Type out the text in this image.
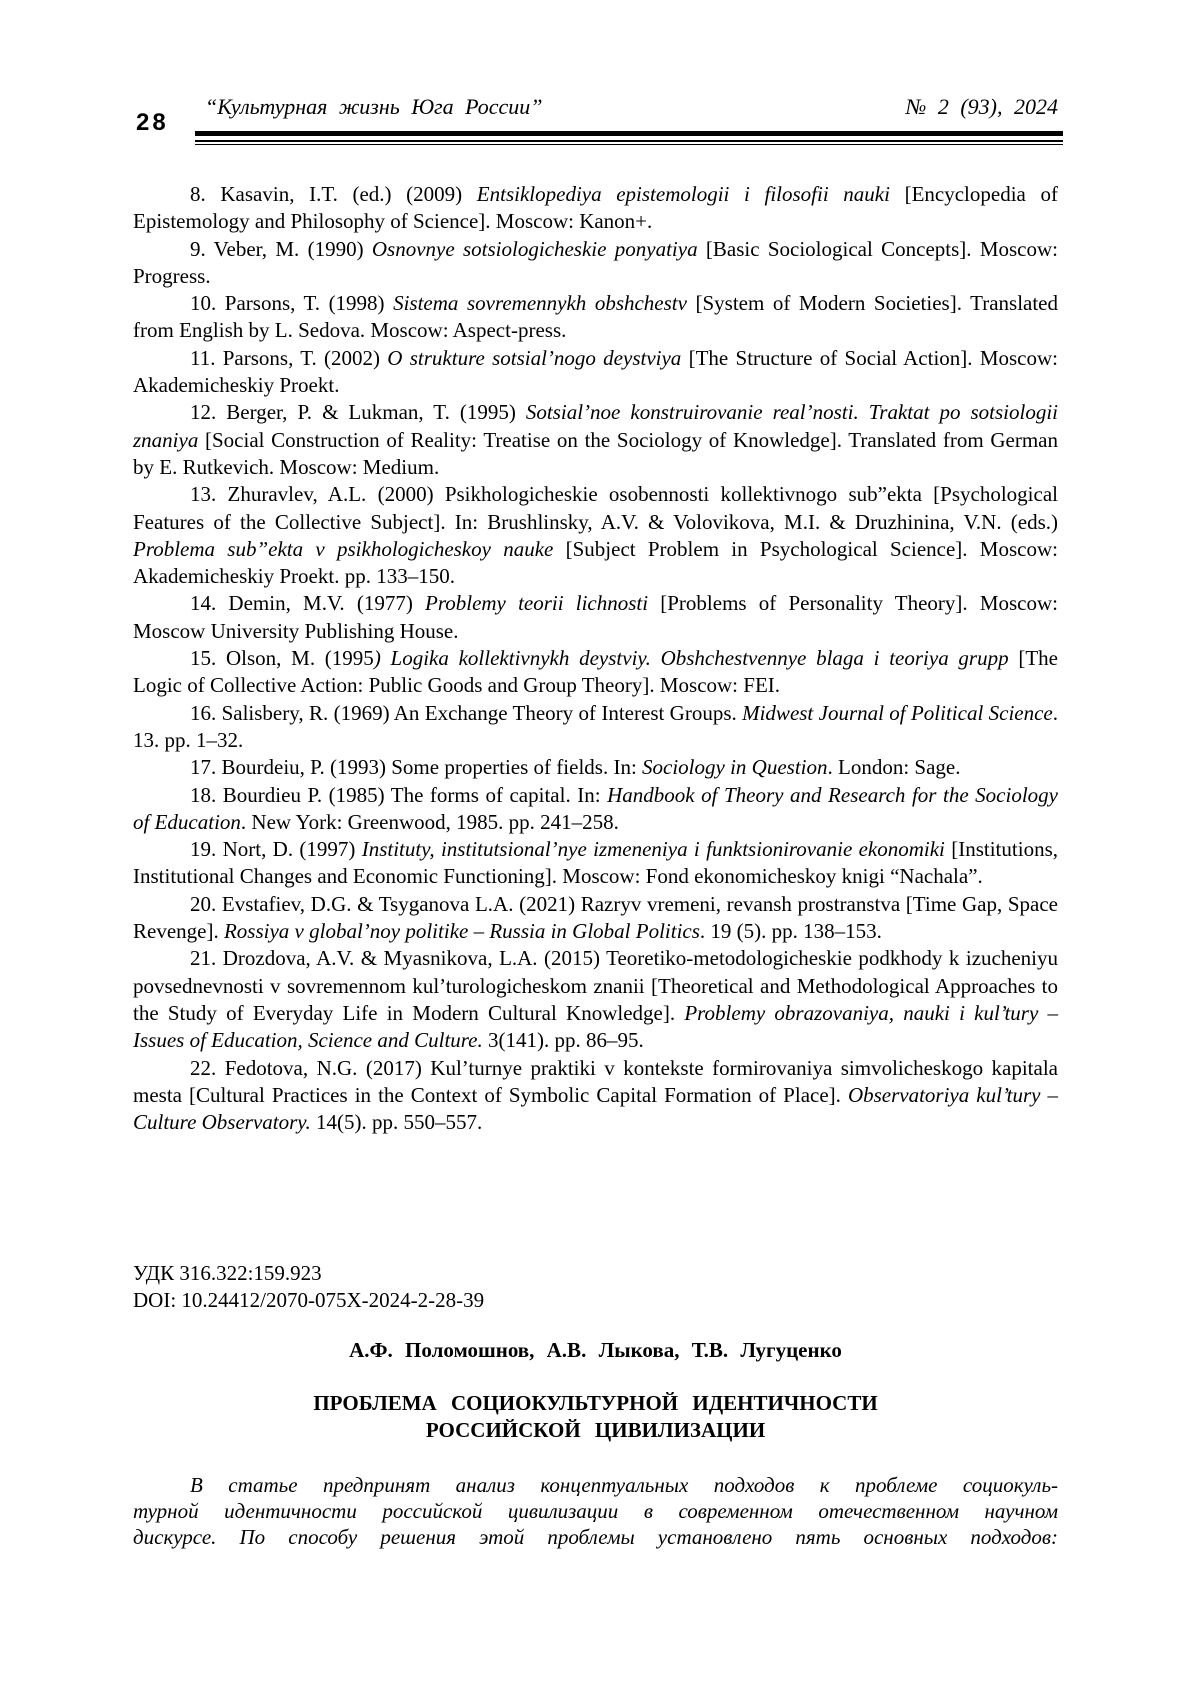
28
“Культурная жизнь Юга России”	№ 2 (93), 2024

8. Kasavin, I.T. (ed.) (2009) Entsiklopediya epistemologii i filosofii nauki [Encyclopedia of Epistemology and Philosophy of Science]. Moscow: Kanon+.

9. Veber, M. (1990) Osnovnye sotsiologicheskie ponyatiya [Basic Sociological Concepts]. Moscow: Progress.

10. Parsons, T. (1998) Sistema sovremennykh obshchestv [System of Modern Societies]. Translated from English by L. Sedova. Moscow: Aspect-press.

11. Parsons, T. (2002) O strukture sotsial’nogo deystviya [The Structure of Social Action]. Moscow: Akademicheskiy Proekt.

12. Berger, P. & Lukman, T. (1995) Sotsial’noe konstruirovanie real’nosti. Traktat po sotsiologii znaniya [Social Construction of Reality: Treatise on the Sociology of Knowledge]. Translated from German by E. Rutkevich. Moscow: Medium.

13. Zhuravlev, A.L. (2000) Psikhologicheskie osobennosti kollektivnogo sub”ekta [Psychological Features of the Collective Subject]. In: Brushlinsky, A.V. & Volovikova, M.I. & Druzhinina, V.N. (eds.) Problema sub”ekta v psikhologicheskoy nauke [Subject Problem in Psychological Science]. Moscow: Akademicheskiy Proekt. pp. 133–150.

14. Demin, M.V. (1977) Problemy teorii lichnosti [Problems of Personality Theory]. Moscow: Moscow University Publishing House.

15. Olson, M. (1995) Logika kollektivnykh deystviy. Obshchestvennye blaga i teoriya grupp [The Logic of Collective Action: Public Goods and Group Theory]. Moscow: FEI.

16. Salisbery, R. (1969) An Exchange Theory of Interest Groups. Midwest Journal of Political Science. 13. pp. 1–32.

17. Bourdeiu, P. (1993) Some properties of fields. In: Sociology in Question. London: Sage.

18. Bourdieu P. (1985) The forms of capital. In: Handbook of Theory and Research for the Sociology of Education. New York: Greenwood, 1985. pp. 241–258.

19. Nort, D. (1997) Instituty, institutsional’nye izmeneniya i funktsionirovanie ekonomiki [Institutions, Institutional Changes and Economic Functioning]. Moscow: Fond ekonomicheskoy knigi “Nachala”.

20. Evstafiev, D.G. & Tsyganova L.A. (2021) Razryv vremeni, revansh prostranstva [Time Gap, Space Revenge]. Rossiya v global’noy politike – Russia in Global Politics. 19 (5). pp. 138–153.

21. Drozdova, A.V. & Myasnikova, L.A. (2015) Teoretiko-metodologicheskie podkhody k izucheniyu povsednevnosti v sovremennom kul’turologicheskom znanii [Theoretical and Methodological Approaches to the Study of Everyday Life in Modern Cultural Knowledge]. Problemy obrazovaniya, nauki i kul’tury – Issues of Education, Science and Culture. 3(141). pp. 86–95.

22. Fedotova, N.G. (2017) Kul’turnye praktiki v kontekste formirovaniya simvolicheskogo kapitala mesta [Cultural Practices in the Context of Symbolic Capital Formation of Place]. Observatoriya kul’tury – Culture Observatory. 14(5). pp. 550–557.

УДК 316.322:159.923
DOI: 10.24412/2070-075X-2024-2-28-39
А.Ф. Поломошнов, А.В. Лыкова, Т.В. Лугуценко
ПРОБЛЕМА СОЦИОКУЛЬТУРНОЙ ИДЕНТИЧНОСТИ
РОССИЙСКОЙ ЦИВИЛИЗАЦИИ
В статье предпринят анализ концептуальных подходов к проблеме социокуль-
турной идентичности российской цивилизации в современном отечественном научном
дискурсе. По способу решения этой проблемы установлено пять основных подходов:
